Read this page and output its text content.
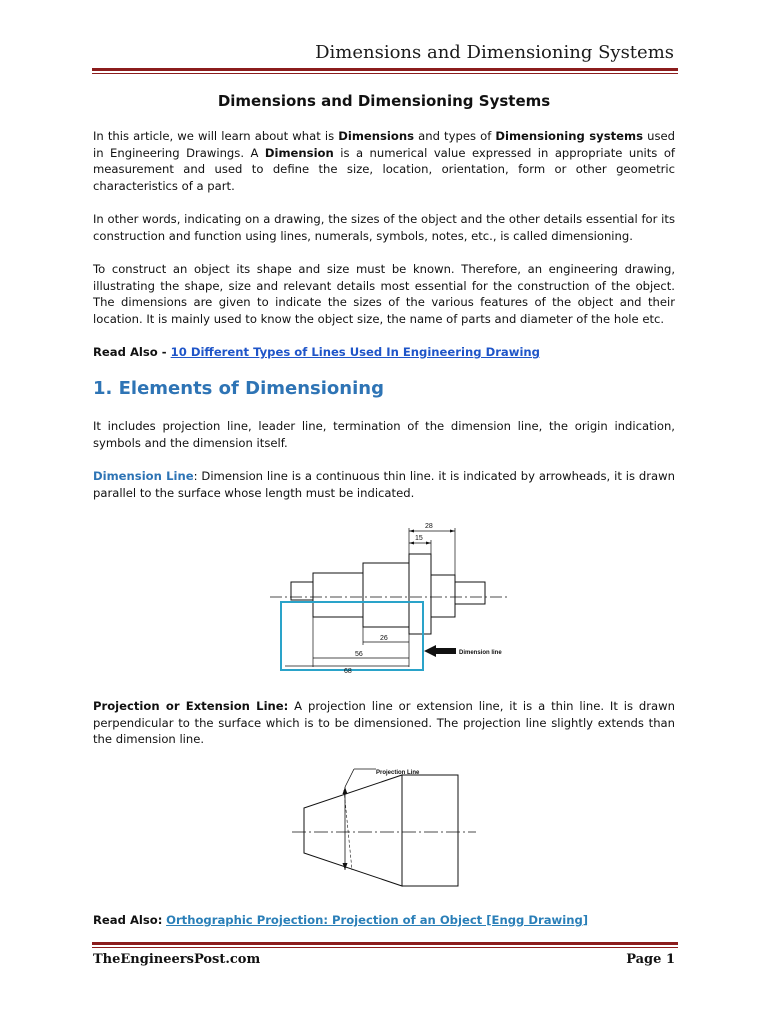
Dimensions and Dimensioning Systems
Dimensions and Dimensioning Systems
In this article, we will learn about what is Dimensions and types of Dimensioning systems used in Engineering Drawings. A Dimension is a numerical value expressed in appropriate units of measurement and used to define the size, location, orientation, form or other geometric characteristics of a part.
In other words, indicating on a drawing, the sizes of the object and the other details essential for its construction and function using lines, numerals, symbols, notes, etc., is called dimensioning.
To construct an object its shape and size must be known. Therefore, an engineering drawing, illustrating the shape, size and relevant details most essential for the construction of the object. The dimensions are given to indicate the sizes of the various features of the object and their location. It is mainly used to know the object size, the name of parts and diameter of the hole etc.
Read Also - 10 Different Types of Lines Used In Engineering Drawing
1. Elements of Dimensioning
It includes projection line, leader line, termination of the dimension line, the origin indication, symbols and the dimension itself.
Dimension Line: Dimension line is a continuous thin line. it is indicated by arrowheads, it is drawn parallel to the surface whose length must be indicated.
28
15
26
56
68
Dimension line
Projection or Extension Line: A projection line or extension line, it is a thin line. It is drawn perpendicular to the surface which is to be dimensioned. The projection line slightly extends than the dimension line.
Projection Line
Read Also: Orthographic Projection: Projection of an Object [Engg Drawing]
TheEngineersPost.com	Page 1
